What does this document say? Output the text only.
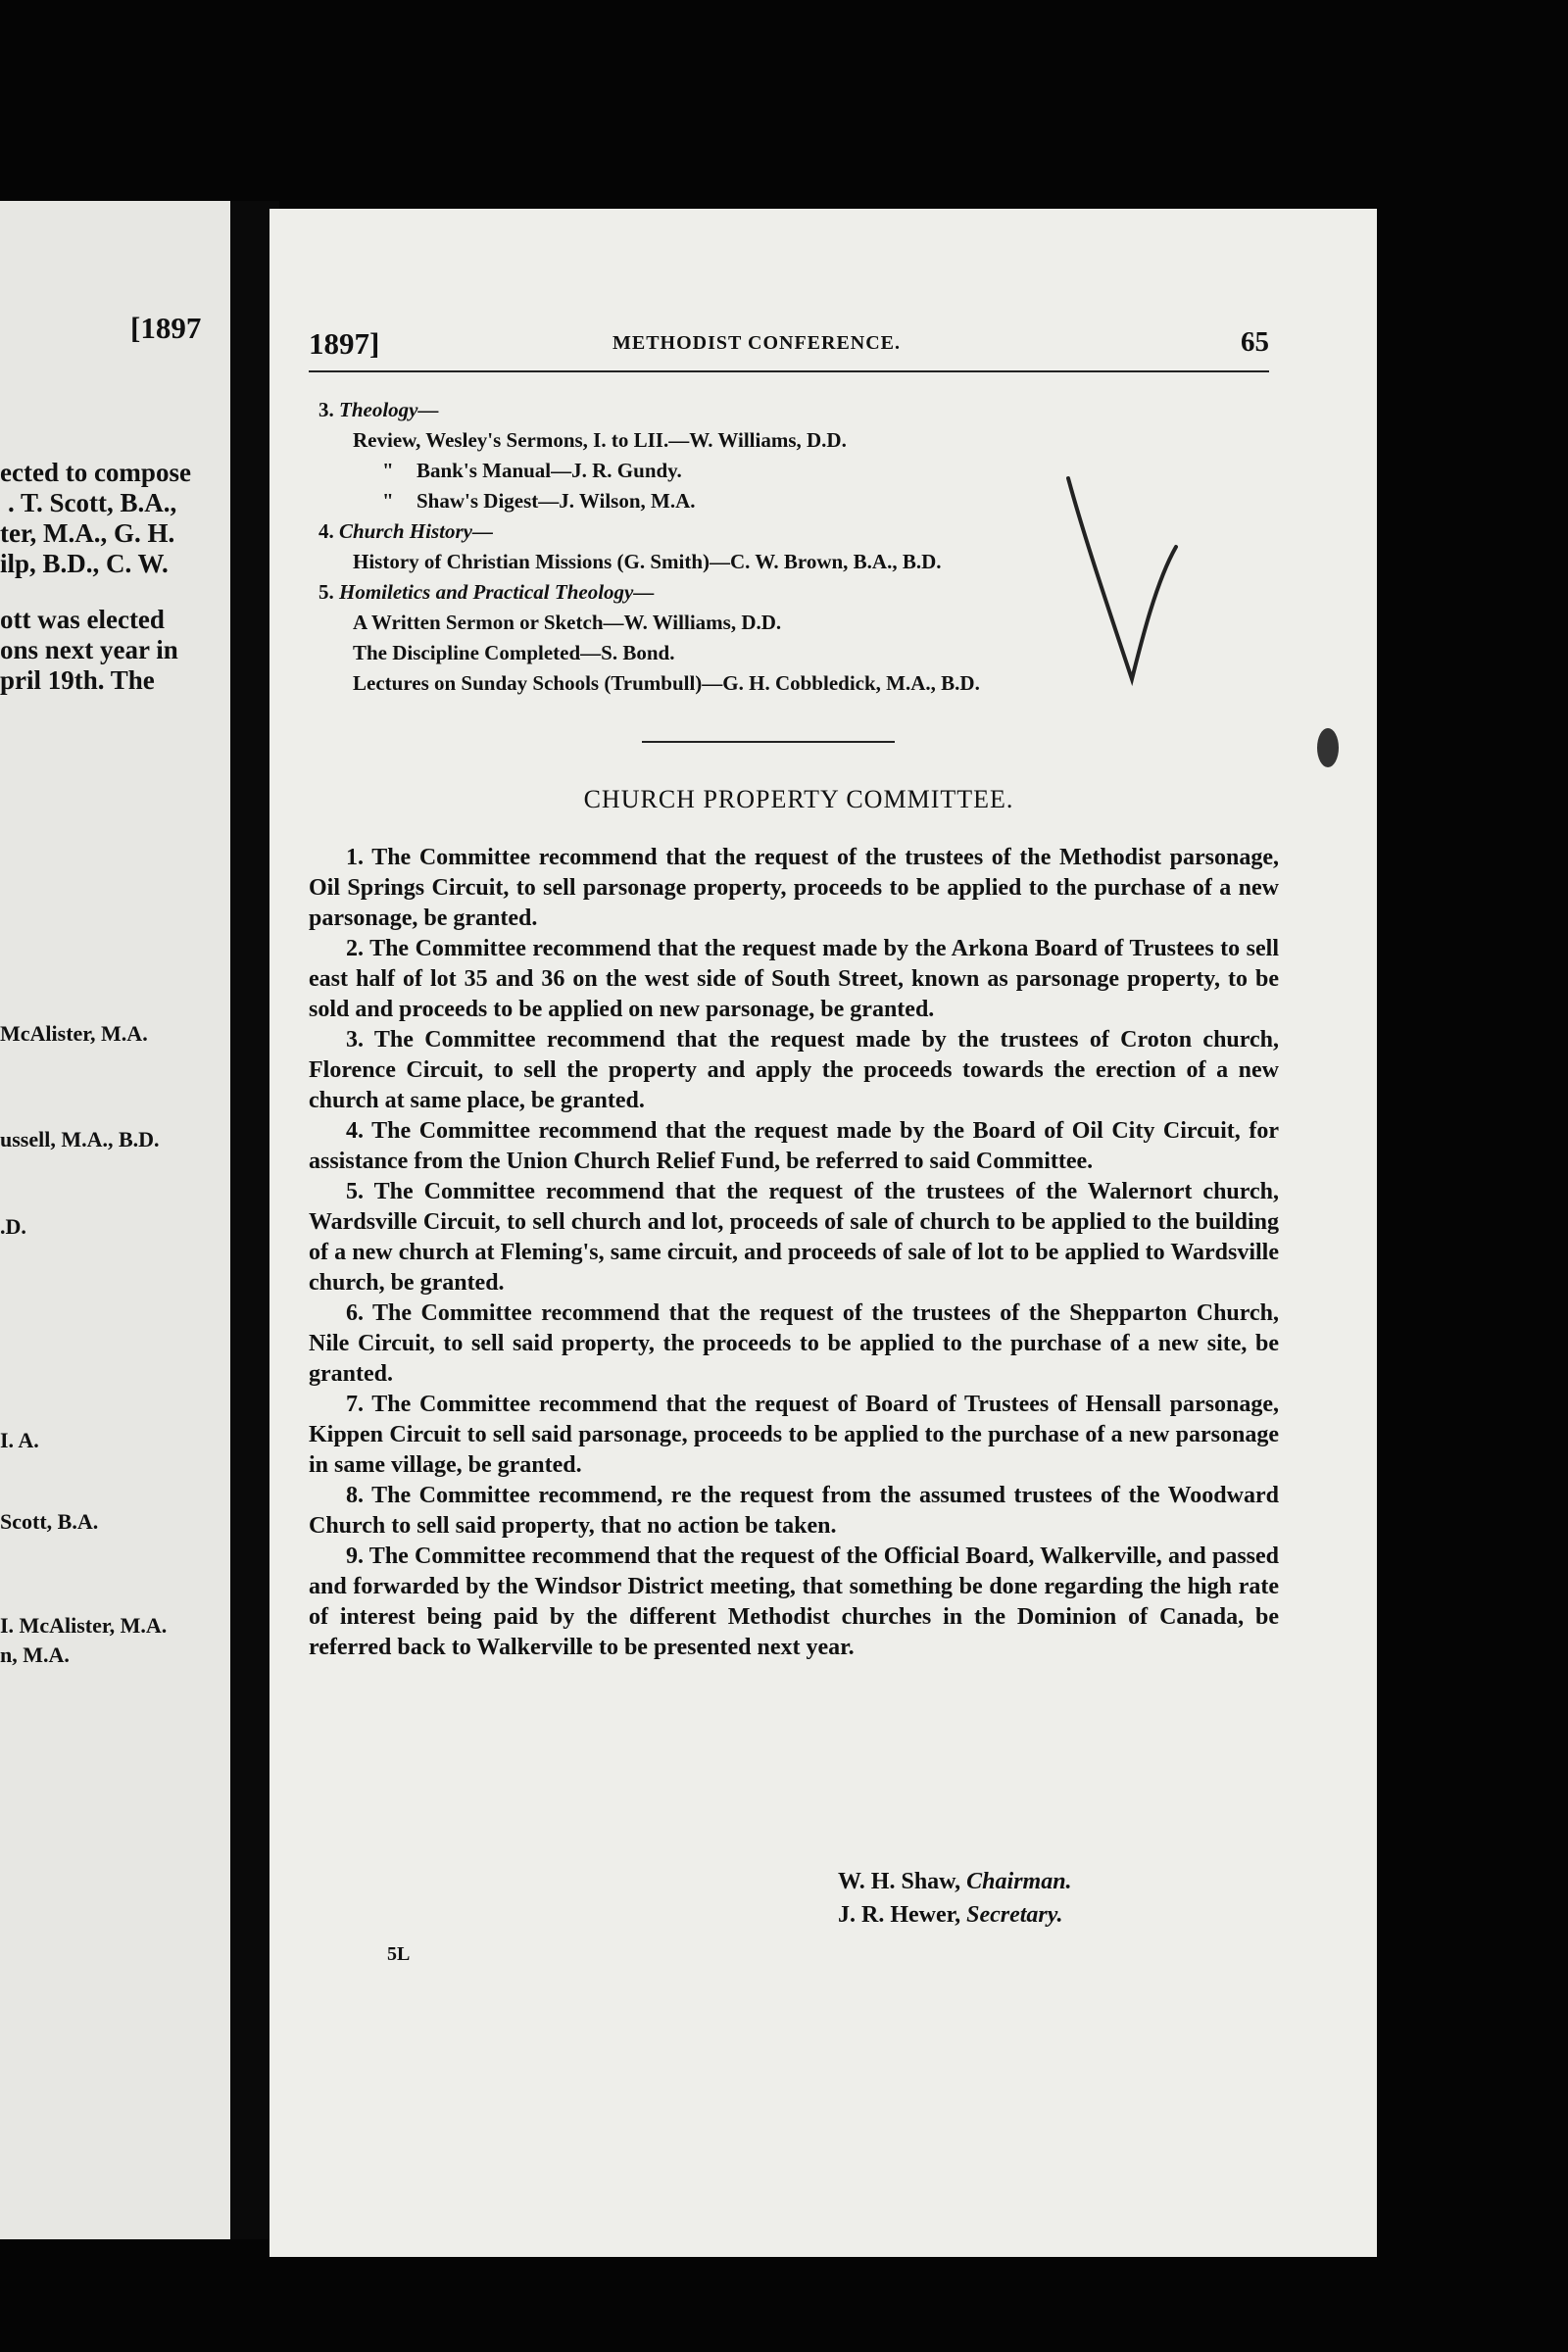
[1897
ected to compose
. T. Scott, B.A.,
ter, M.A., G. H.
ilp, B.D., C. W.
ott was elected
ons next year in
pril 19th. The
McAlister, M.A.
ussell, M.A., B.D.
.D.
I. A.
Scott, B.A.
I. McAlister, M.A.
n, M.A.
1897]	METHODIST CONFERENCE.	65
3. Theology—
Review, Wesley's Sermons, I. to LII.—W. Williams, D.D.
" Bank's Manual—J. R. Gundy.
" Shaw's Digest—J. Wilson, M.A.
4. Church History—
History of Christian Missions (G. Smith)—C. W. Brown, B.A., B.D.
5. Homiletics and Practical Theology—
A Written Sermon or Sketch—W. Williams, D.D.
The Discipline Completed—S. Bond.
Lectures on Sunday Schools (Trumbull)—G. H. Cobbledick, M.A., B.D.
CHURCH PROPERTY COMMITTEE.

1. The Committee recommend that the request of the trustees of the Methodist parsonage, Oil Springs Circuit, to sell parsonage property, proceeds to be applied to the purchase of a new parsonage, be granted.

2. The Committee recommend that the request made by the Arkona Board of Trustees to sell east half of lot 35 and 36 on the west side of South Street, known as parsonage property, to be sold and proceeds to be applied on new parsonage, be granted.

3. The Committee recommend that the request made by the trustees of Croton church, Florence Circuit, to sell the property and apply the proceeds towards the erection of a new church at same place, be granted.

4. The Committee recommend that the request made by the Board of Oil City Circuit, for assistance from the Union Church Relief Fund, be referred to said Committee.

5. The Committee recommend that the request of the trustees of the Walernort church, Wardsville Circuit, to sell church and lot, proceeds of sale of church to be applied to the building of a new church at Fleming's, same circuit, and proceeds of sale of lot to be applied to Wardsville church, be granted.

6. The Committee recommend that the request of the trustees of the Shepparton Church, Nile Circuit, to sell said property, the proceeds to be applied to the purchase of a new site, be granted.

7. The Committee recommend that the request of Board of Trustees of Hensall parsonage, Kippen Circuit to sell said parsonage, proceeds to be applied to the purchase of a new parsonage in same village, be granted.

8. The Committee recommend, re the request from the assumed trustees of the Woodward Church to sell said property, that no action be taken.

9. The Committee recommend that the request of the Official Board, Walkerville, and passed and forwarded by the Windsor District meeting, that something be done regarding the high rate of interest being paid by the different Methodist churches in the Dominion of Canada, be referred back to Walkerville to be presented next year.

W. H. Shaw, Chairman.
J. R. Hewer, Secretary.
5L
